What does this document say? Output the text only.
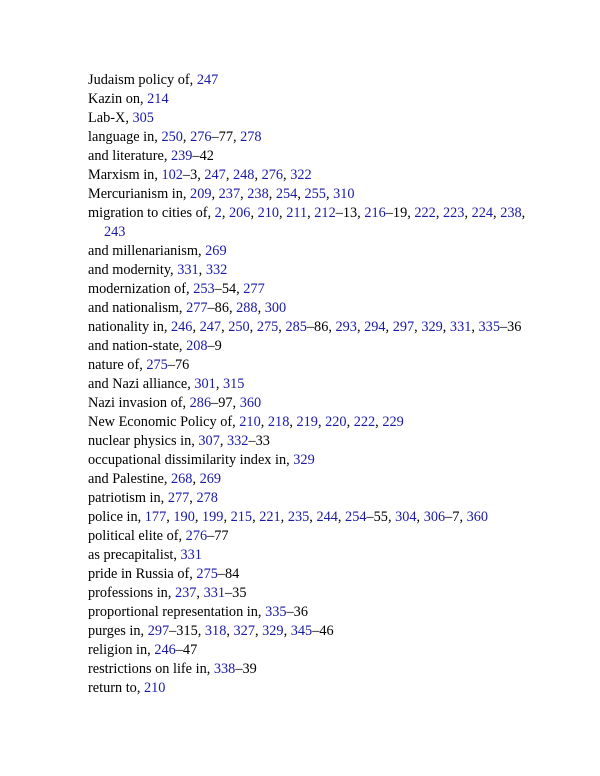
Judaism policy of, 247

Kazin on, 214

Lab-X, 305

language in, 250, 276–77, 278

and literature, 239–42

Marxism in, 102–3, 247, 248, 276, 322

Mercurianism in, 209, 237, 238, 254, 255, 310

migration to cities of, 2, 206, 210, 211, 212–13, 216–19, 222, 223, 224, 238, 243

and millenarianism, 269

and modernity, 331, 332

modernization of, 253–54, 277

and nationalism, 277–86, 288, 300

nationality in, 246, 247, 250, 275, 285–86, 293, 294, 297, 329, 331, 335–36

and nation-state, 208–9

nature of, 275–76

and Nazi alliance, 301, 315

Nazi invasion of, 286–97, 360

New Economic Policy of, 210, 218, 219, 220, 222, 229

nuclear physics in, 307, 332–33

occupational dissimilarity index in, 329

and Palestine, 268, 269

patriotism in, 277, 278

police in, 177, 190, 199, 215, 221, 235, 244, 254–55, 304, 306–7, 360

political elite of, 276–77

as precapitalist, 331

pride in Russia of, 275–84

professions in, 237, 331–35

proportional representation in, 335–36

purges in, 297–315, 318, 327, 329, 345–46

religion in, 246–47

restrictions on life in, 338–39

return to, 210
